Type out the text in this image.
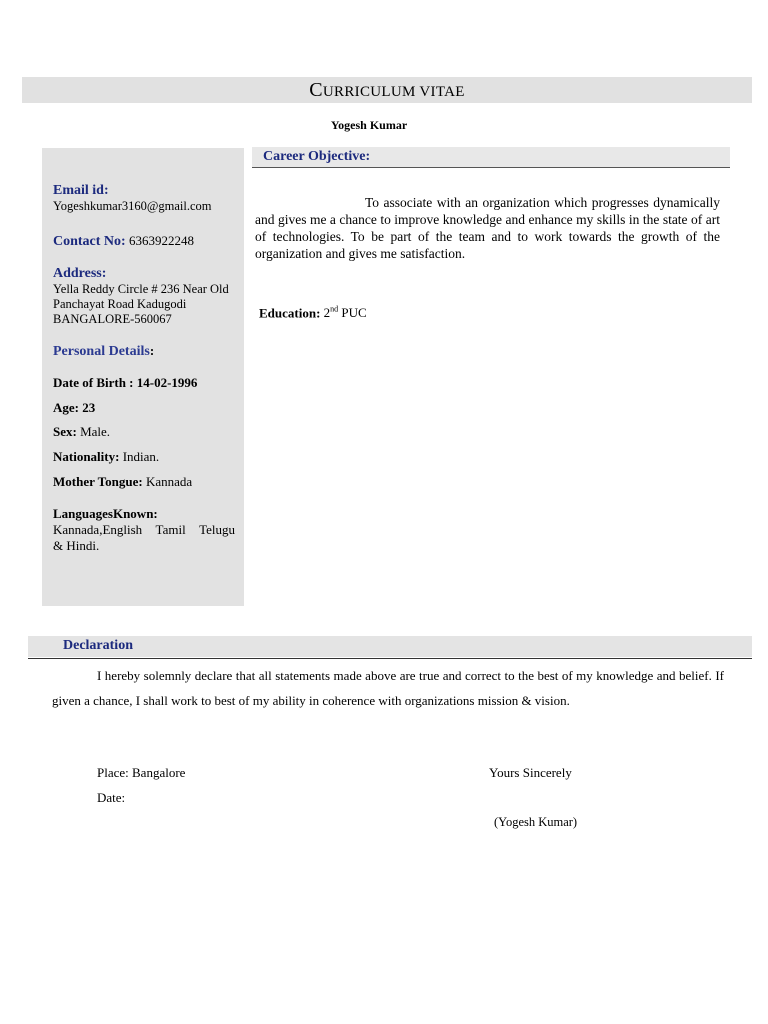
CURRICULUM VITAE
Yogesh Kumar
Email id:
Yogeshkumar3160@gmail.com
Contact No: 6363922248
Address:
Yella Reddy Circle # 236 Near Old
Panchayat Road Kadugodi
BANGALORE-560067
Personal Details:
Date of Birth : 14-02-1996
Age: 23
Sex: Male.
Nationality: Indian.
Mother Tongue: Kannada
LanguagesKnown:
Kannada,English Tamil Telugu
& Hindi.
Career Objective:
To associate with an organization which progresses dynamically and gives me a chance to improve knowledge and enhance my skills in the state of art of technologies. To be part of the team and to work towards the growth of the organization and gives me satisfaction.
Education: 2nd PUC
Declaration
I hereby solemnly declare that all statements made above are true and correct to the best of my knowledge and belief. If given a chance, I shall work to best of my ability in coherence with organizations mission & vision.
Place: Bangalore
Date:
Yours Sincerely
(Yogesh Kumar)
